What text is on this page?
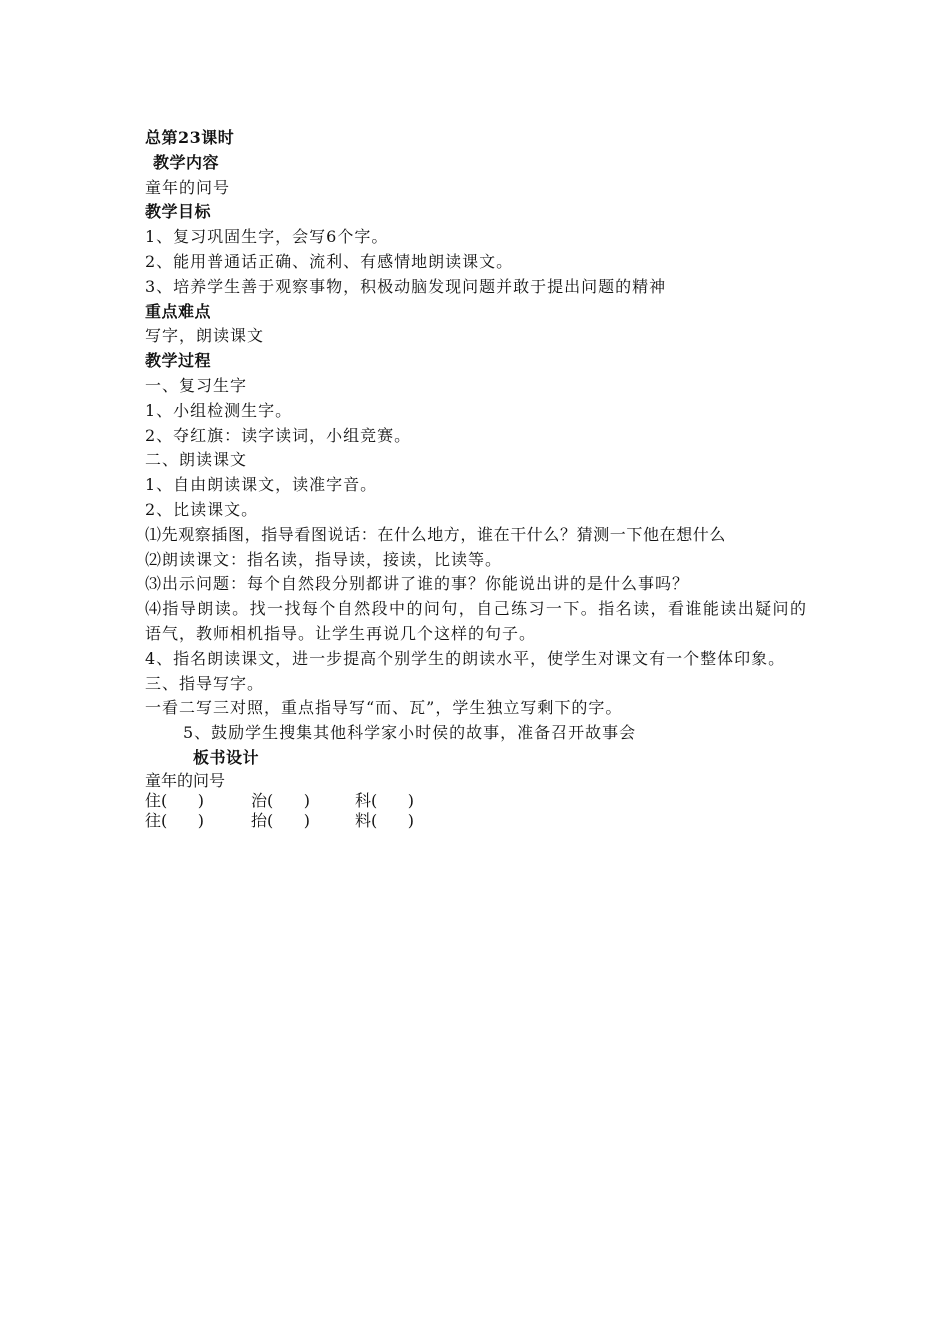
总第23课时

教学内容

童年的问号

教学目标

1、复习巩固生字，会写6个字。

2、能用普通话正确、流利、有感情地朗读课文。

3、培养学生善于观察事物，积极动脑发现问题并敢于提出问题的精神

重点难点

写字，朗读课文

教学过程

一、复习生字

1、小组检测生字。

2、夺红旗：读字读词，小组竞赛。

二、朗读课文

1、自由朗读课文，读准字音。

2、比读课文。

⑴先观察插图，指导看图说话：在什么地方，谁在干什么？猜测一下他在想什么

⑵朗读课文：指名读，指导读，接读，比读等。

⑶出示问题：每个自然段分别都讲了谁的事？你能说出讲的是什么事吗？

⑷指导朗读。找一找每个自然段中的问句，自己练习一下。指名读，看谁能读出疑问的语气，教师相机指导。让学生再说几个这样的句子。

4、指名朗读课文，进一步提高个别学生的朗读水平，使学生对课文有一个整体印象。

三、指导写字。

一看二写三对照，重点指导写“而、瓦”，学生独立写剩下的字。

5、鼓励学生搜集其他科学家小时侯的故事，准备召开故事会

板书设计

童年的问号
住(      )	治(      )	科(      )
往(      )	抬(      )	料(      )
